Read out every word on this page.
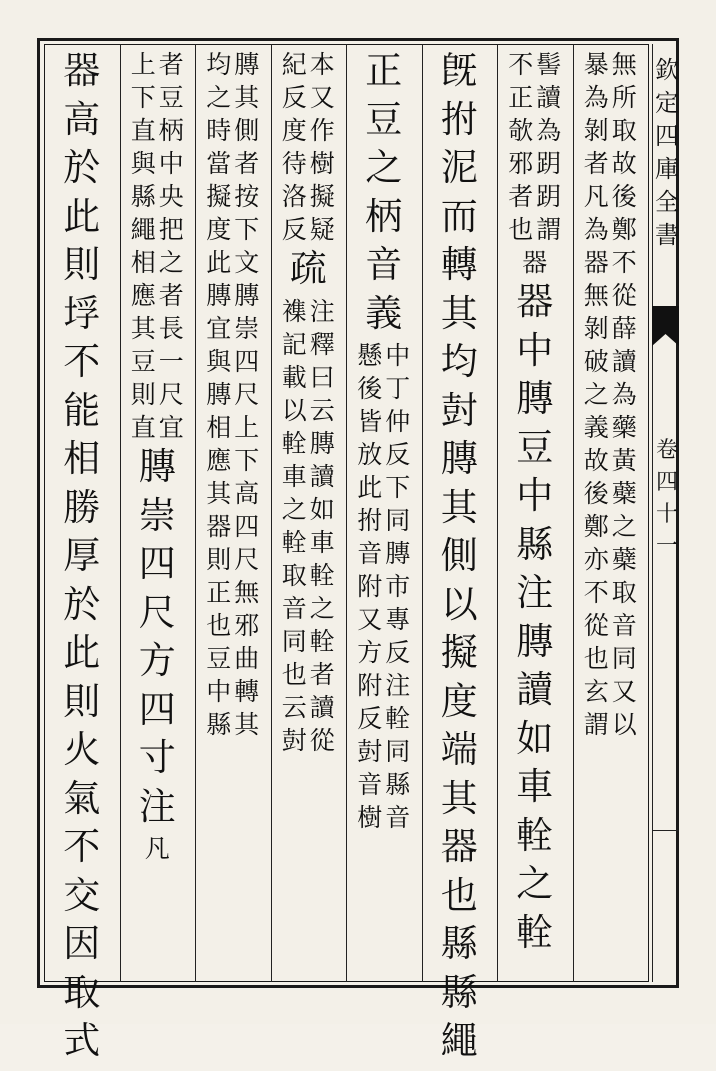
欽
定
四
庫
全
書
卷
四
十
一
無
所
取
故
後
鄭
不
從
薛
讀
為
藥
黃
蘗
之
蘗
取
音
同
又
以
暴
為
剝
者
凡
為
器
無
剝
破
之
義
故
後
鄭
亦
不
從
也
玄
謂
髻
讀
為
跀
跀
謂
不
正
欹
邪
者
也
器
器
中
膞
豆
中
縣
注
膞
讀
如
車
輇
之
輇
旣
拊
泥
而
轉
其
均
尌
膞
其
側
以
擬
度
端
其
器
也
縣
縣
繩
正
豆
之
柄
音
義
中
丁
仲
反
下
同
膞
市
專
反
注
輇
同
縣
音
懸
後
皆
放
此
拊
音
附
又
方
附
反
尌
音
樹
本
又
作
樹
擬
疑
紀
反
度
待
洛
反
疏
注
釋
曰
云
膞
讀
如
車
輇
之
輇
者
讀
從
襍
記
載
以
輇
車
之
輇
取
音
同
也
云
尌
膞
其
側
者
按
下
文
膞
崇
四
尺
上
下
高
四
尺
無
邪
曲
轉
其
均
之
時
當
擬
度
此
膞
宜
與
膞
相
應
其
器
則
正
也
豆
中
縣
者
豆
柄
中
央
把
之
者
長
一
尺
宜
上
下
直
與
縣
繩
相
應
其
豆
則
直
膞
崇
四
尺
方
四
寸
注
凡
器
高
於
此
則
垺
不
能
相
勝
厚
於
此
則
火
氣
不
交
因
取
式
